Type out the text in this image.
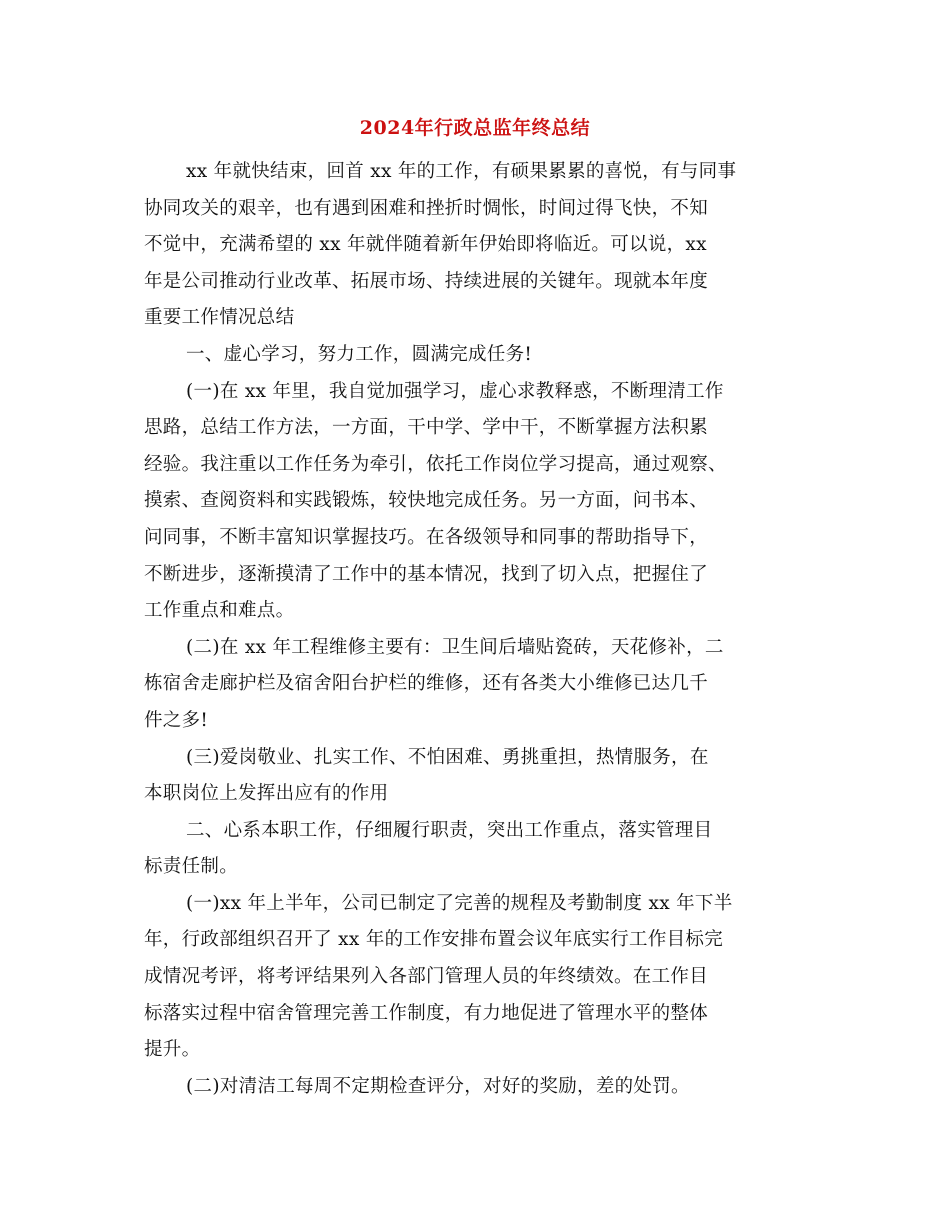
2024年行政总监年终总结
xx 年就快结束，回首 xx 年的工作，有硕果累累的喜悦，有与同事
协同攻关的艰辛，也有遇到困难和挫折时惆怅，时间过得飞快，不知
不觉中，充满希望的 xx 年就伴随着新年伊始即将临近。可以说，xx
年是公司推动行业改革、拓展市场、持续进展的关键年。现就本年度
重要工作情况总结
一、虚心学习，努力工作，圆满完成任务!
(一)在 xx 年里，我自觉加强学习，虚心求教释惑，不断理清工作
思路，总结工作方法，一方面，干中学、学中干，不断掌握方法积累
经验。我注重以工作任务为牵引，依托工作岗位学习提高，通过观察、
摸索、查阅资料和实践锻炼，较快地完成任务。另一方面，问书本、
问同事，不断丰富知识掌握技巧。在各级领导和同事的帮助指导下，
不断进步，逐渐摸清了工作中的基本情况，找到了切入点，把握住了
工作重点和难点。
(二)在 xx 年工程维修主要有：卫生间后墙贴瓷砖，天花修补，二
栋宿舍走廊护栏及宿舍阳台护栏的维修，还有各类大小维修已达几千
件之多!
(三)爱岗敬业、扎实工作、不怕困难、勇挑重担，热情服务，在
本职岗位上发挥出应有的作用
二、心系本职工作，仔细履行职责，突出工作重点，落实管理目
标责任制。
(一)xx 年上半年，公司已制定了完善的规程及考勤制度 xx 年下半
年，行政部组织召开了 xx 年的工作安排布置会议年底实行工作目标完
成情况考评，将考评结果列入各部门管理人员的年终绩效。在工作目
标落实过程中宿舍管理完善工作制度，有力地促进了管理水平的整体
提升。
(二)对清洁工每周不定期检查评分，对好的奖励，差的处罚。
